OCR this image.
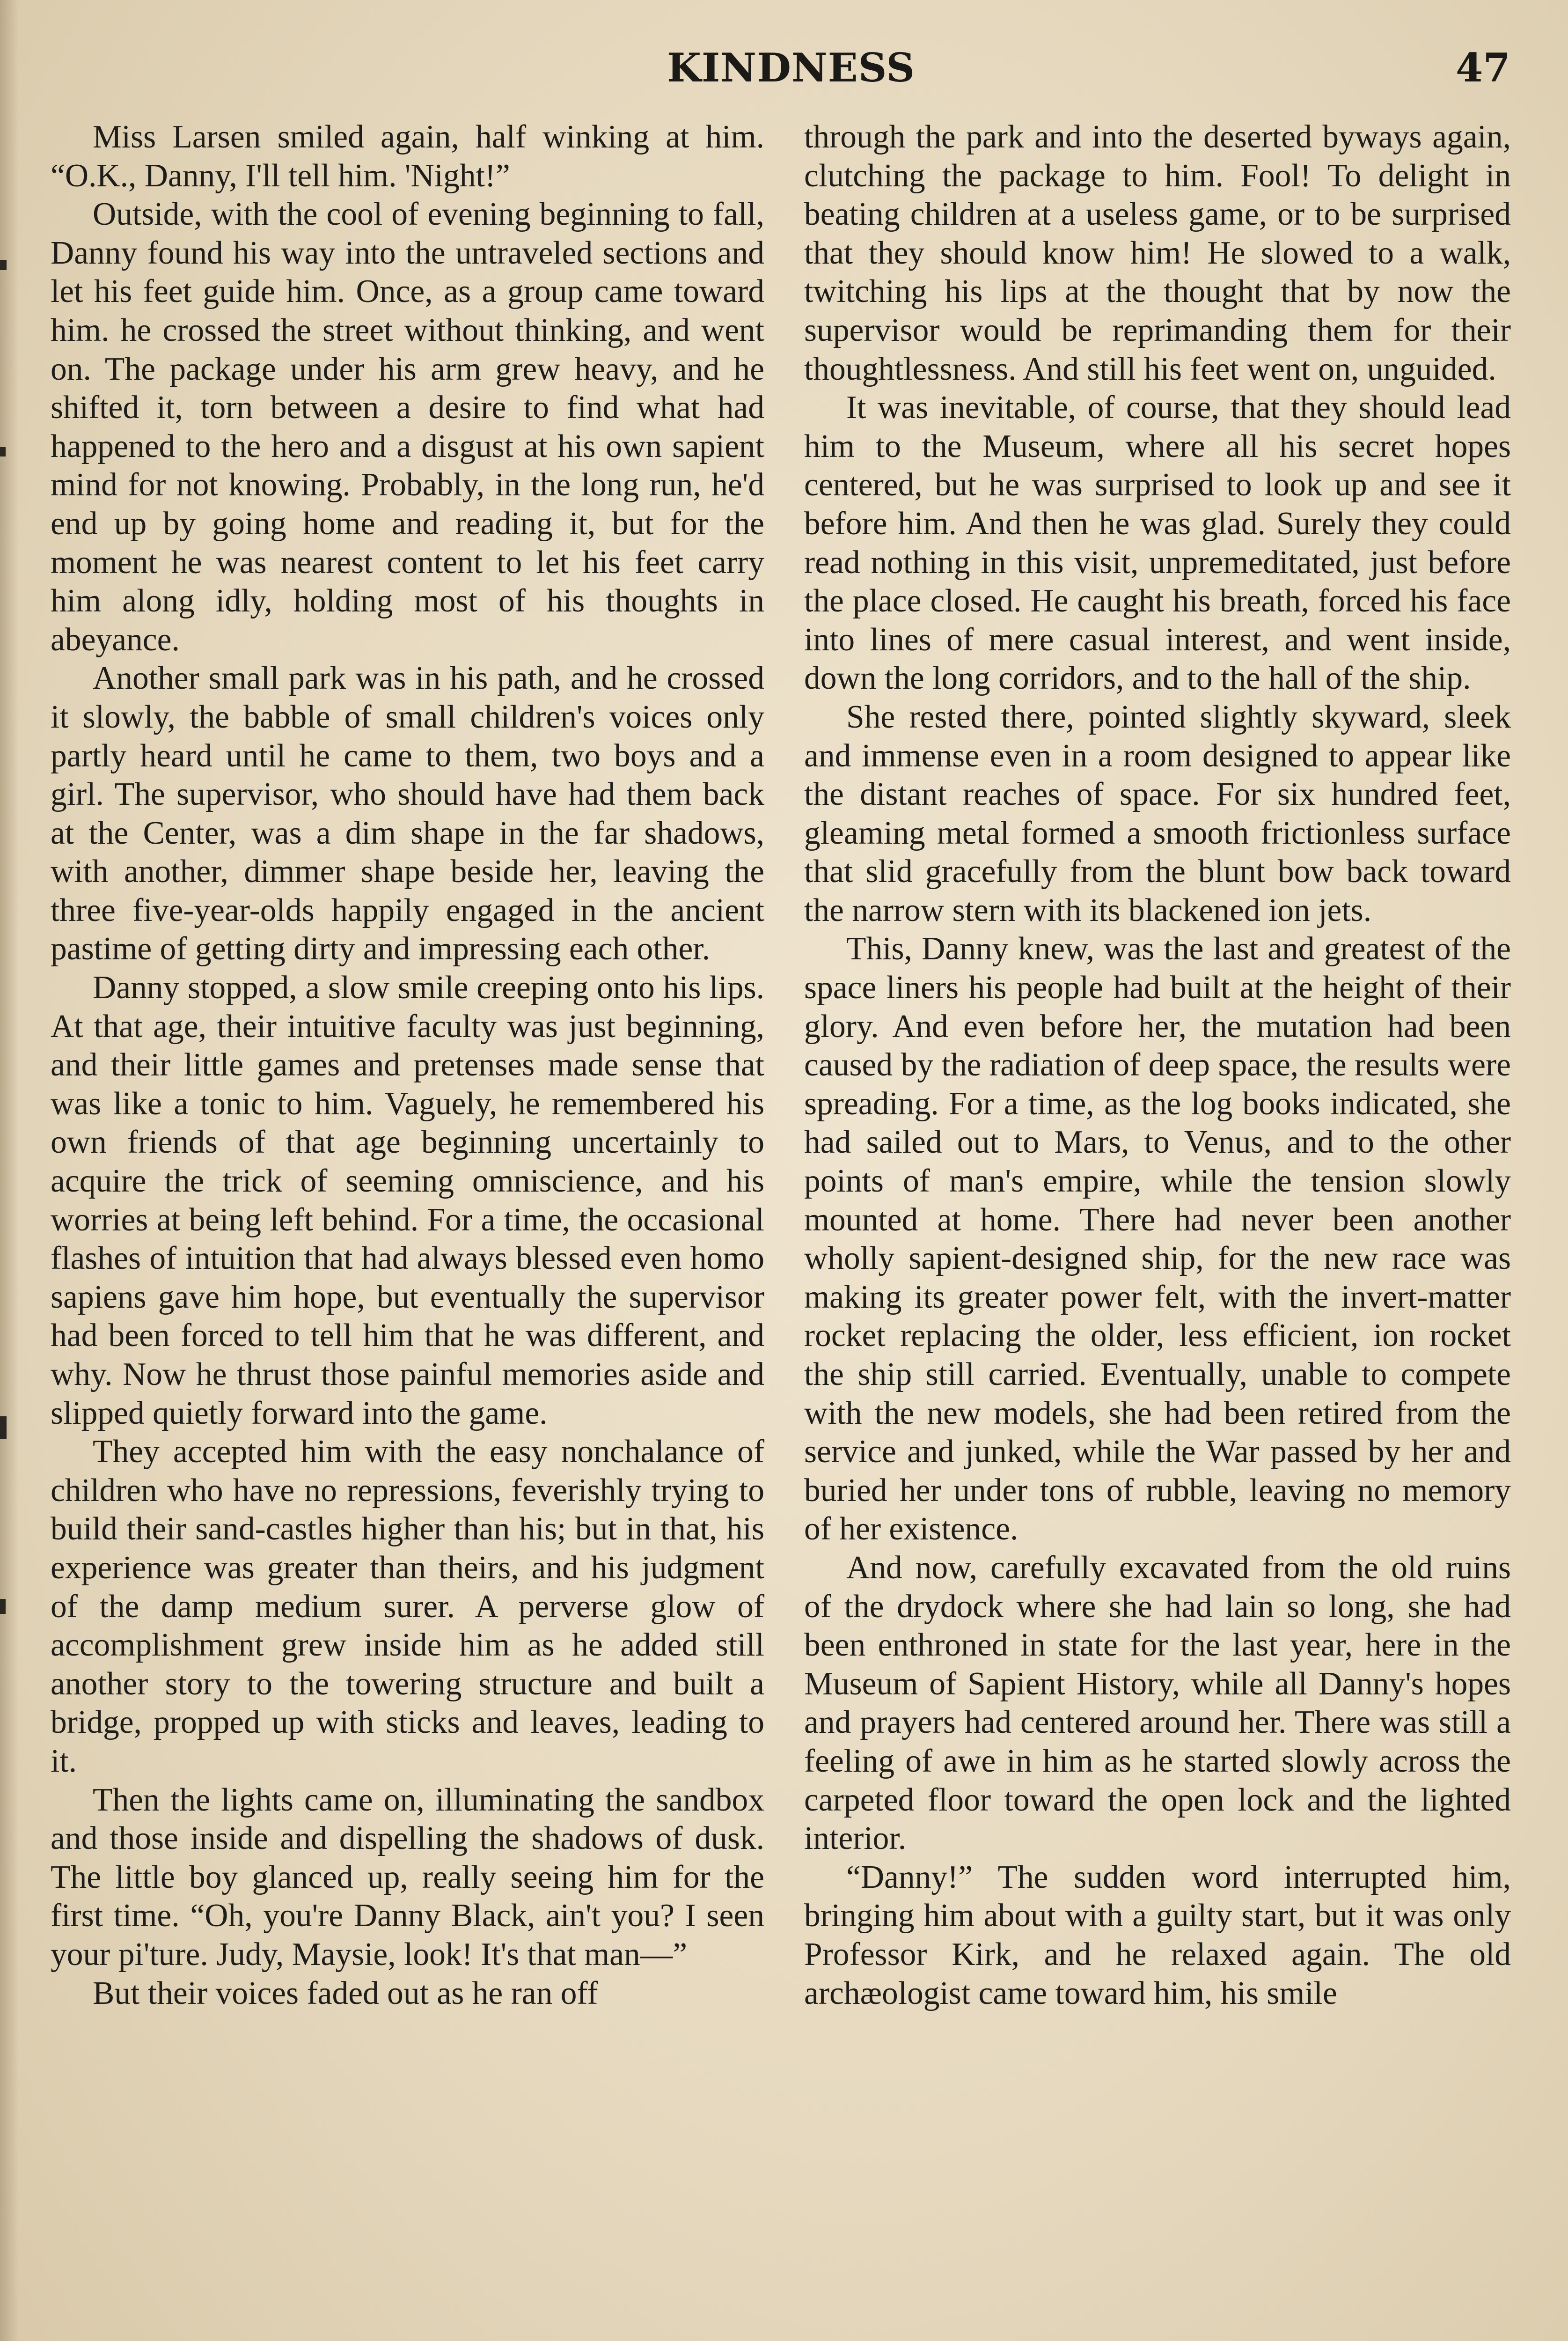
KINDNESS	47

Miss Larsen smiled again, half winking at him. “O.K., Danny, I'll tell him. 'Night!”

Outside, with the cool of evening beginning to fall, Danny found his way into the untraveled sections and let his feet guide him. Once, as a group came toward him. he crossed the street without thinking, and went on. The package under his arm grew heavy, and he shifted it, torn between a desire to find what had happened to the hero and a disgust at his own sapient mind for not knowing. Probably, in the long run, he'd end up by going home and reading it, but for the moment he was nearest content to let his feet carry him along idly, holding most of his thoughts in abeyance.

Another small park was in his path, and he crossed it slowly, the babble of small children's voices only partly heard until he came to them, two boys and a girl. The supervisor, who should have had them back at the Center, was a dim shape in the far shadows, with another, dimmer shape beside her, leaving the three five-year-olds happily engaged in the ancient pastime of getting dirty and impressing each other.

Danny stopped, a slow smile creeping onto his lips. At that age, their intuitive faculty was just beginning, and their little games and pretenses made sense that was like a tonic to him. Vaguely, he remembered his own friends of that age beginning uncertainly to acquire the trick of seeming omniscience, and his worries at being left behind. For a time, the occasional flashes of intuition that had always blessed even homo sapiens gave him hope, but eventually the supervisor had been forced to tell him that he was different, and why. Now he thrust those painful memories aside and slipped quietly forward into the game.

They accepted him with the easy nonchalance of children who have no repressions, feverishly trying to build their sand-castles higher than his; but in that, his experience was greater than theirs, and his judgment of the damp medium surer. A perverse glow of accomplishment grew inside him as he added still another story to the towering structure and built a bridge, propped up with sticks and leaves, leading to it.

Then the lights came on, illuminating the sandbox and those inside and dispelling the shadows of dusk. The little boy glanced up, really seeing him for the first time. “Oh, you're Danny Black, ain't you? I seen your pi'ture. Judy, Maysie, look! It's that man—”

But their voices faded out as he ran off

through the park and into the deserted byways again, clutching the package to him. Fool! To delight in beating children at a useless game, or to be surprised that they should know him! He slowed to a walk, twitching his lips at the thought that by now the supervisor would be reprimanding them for their thoughtlessness. And still his feet went on, unguided.

It was inevitable, of course, that they should lead him to the Museum, where all his secret hopes centered, but he was surprised to look up and see it before him. And then he was glad. Surely they could read nothing in this visit, unpremeditated, just before the place closed. He caught his breath, forced his face into lines of mere casual interest, and went inside, down the long corridors, and to the hall of the ship.

She rested there, pointed slightly skyward, sleek and immense even in a room designed to appear like the distant reaches of space. For six hundred feet, gleaming metal formed a smooth frictionless surface that slid gracefully from the blunt bow back toward the narrow stern with its blackened ion jets.

This, Danny knew, was the last and greatest of the space liners his people had built at the height of their glory. And even before her, the mutation had been caused by the radiation of deep space, the results were spreading. For a time, as the log books indicated, she had sailed out to Mars, to Venus, and to the other points of man's empire, while the tension slowly mounted at home. There had never been another wholly sapient-designed ship, for the new race was making its greater power felt, with the invert-matter rocket replacing the older, less efficient, ion rocket the ship still carried. Eventually, unable to compete with the new models, she had been retired from the service and junked, while the War passed by her and buried her under tons of rubble, leaving no memory of her existence.

And now, carefully excavated from the old ruins of the drydock where she had lain so long, she had been enthroned in state for the last year, here in the Museum of Sapient History, while all Danny's hopes and prayers had centered around her. There was still a feeling of awe in him as he started slowly across the carpeted floor toward the open lock and the lighted interior.

“Danny!” The sudden word interrupted him, bringing him about with a guilty start, but it was only Professor Kirk, and he relaxed again. The old archæologist came toward him, his smile
